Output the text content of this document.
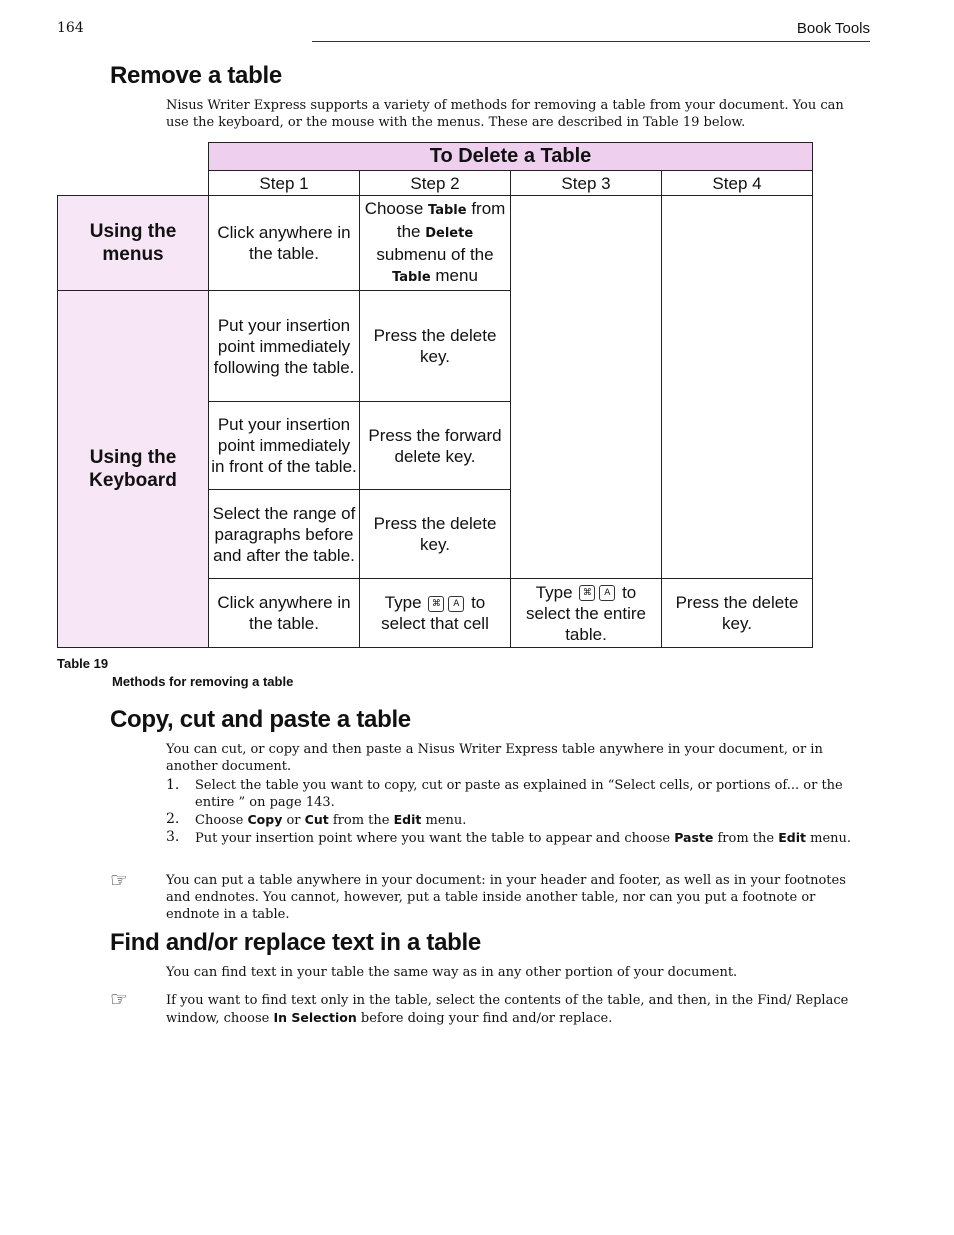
164	Book Tools
Remove a table

Nisus Writer Express supports a variety of methods for removing a table from your document. You can use the keyboard, or the mouse with the menus. These are described in Table 19 below.

	To Delete a Table			
	Step 1	Step 2	Step 3	Step 4
Using the menus	Click anywhere in the table.	Choose Table from the Delete submenu of the Table menu		
Using the Keyboard	Put your insertion point immediately following the table.	Press the delete key.		
	Put your insertion point immediately in front of the table.	Press the forward delete key.		
	Select the range of paragraphs before and after the table.	Press the delete key.		
	Click anywhere in the table.	Type ⌘ A to select that cell	Type ⌘ A to select the entire table.	Press the delete key.
Table 19
Methods for removing a table
Copy, cut and paste a table

You can cut, or copy and then paste a Nisus Writer Express table anywhere in your document, or in another document.

1. Select the table you want to copy, cut or paste as explained in “Select cells, or portions of... or the entire ” on page 143.
2. Choose Copy or Cut from the Edit menu.
3. Put your insertion point where you want the table to appear and choose Paste from the Edit menu.
☞	You can put a table anywhere in your document: in your header and footer, as well as in your footnotes and endnotes. You cannot, however, put a table inside another table, nor can you put a footnote or endnote in a table.

Find and/or replace text in a table

You can find text in your table the same way as in any other portion of your document.

☞	If you want to find text only in the table, select the contents of the table, and then, in the Find/ Replace window, choose In Selection before doing your find and/or replace.
